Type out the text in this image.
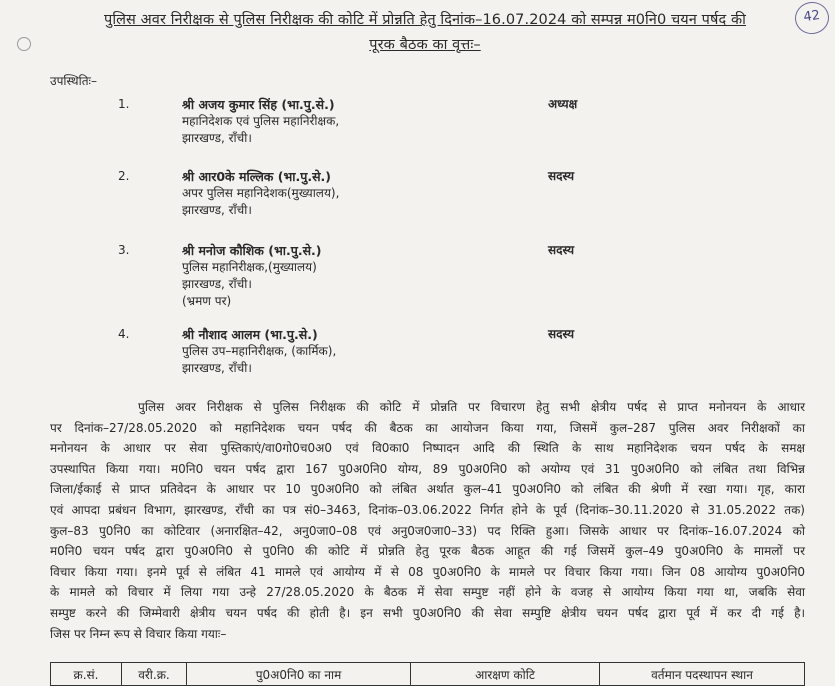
पुलिस अवर निरीक्षक से पुलिस निरीक्षक की कोटि में प्रोन्नति हेतु दिनांक–16.07.2024 को सम्पन्न म0नि0 चयन पर्षद की
पूरक बैठक का वृत्तः–
42
उपस्थितिः–
1.	श्री अजय कुमार सिंह (भा.पु.से.)
महानिदेशक एवं पुलिस महानिरीक्षक,
झारखण्ड, राँची।
अध्यक्ष
2.	श्री आर0के मल्लिक (भा.पु.से.)
अपर पुलिस महानिदेशक(मुख्यालय),
झारखण्ड, राँची।
सदस्य
3.	श्री मनोज कौशिक (भा.पु.से.)
पुलिस महानिरीक्षक,(मुख्यालय)
झारखण्ड, राँची।
(भ्रमण पर)
सदस्य
4.	श्री नौशाद आलम (भा.पु.से.)
पुलिस उप–महानिरीक्षक, (कार्मिक),
झारखण्ड, राँची।
सदस्य
पुलिस अवर निरीक्षक से पुलिस निरीक्षक की कोटि में प्रोन्नति पर विचारण हेतु सभी क्षेत्रीय पर्षद से प्राप्त मनोनयन के आधार
पर दिनांक–27/28.05.2020 को महानिदेशक चयन पर्षद की बैठक का आयोजन किया गया, जिसमें कुल–287 पुलिस अवर निरीक्षकों का
मनोनयन के आधार पर सेवा पुस्तिकाएं/वा0गो0च0अ0 एवं वि0का0 निष्पादन आदि की स्थिति के साथ महानिदेशक चयन पर्षद के समक्ष
उपस्थापित किया गया। म0नि0 चयन पर्षद द्वारा 167 पु0अ0नि0 योग्य, 89 पु0अ0नि0 को अयोग्य एवं 31 पु0अ0नि0 को लंबित तथा विभिन्न
जिला/ईकाई से प्राप्त प्रतिवेदन के आधार पर 10 पु0अ0नि0 को लंबित अर्थात कुल–41 पु0अ0नि0 को लंबित की श्रेणी में रखा गया। गृह, कारा
एवं आपदा प्रबंधन विभाग, झारखण्ड, राँची का पत्र सं0–3463, दिनांक–03.06.2022 निर्गत होने के पूर्व (दिनांक–30.11.2020 से 31.05.2022 तक)
कुल–83 पु0नि0 का कोटिवार (अनारक्षित–42, अनु0जा0–08 एवं अनु0ज0जा0–33) पद रिक्ति हुआ। जिसके आधार पर दिनांक–16.07.2024 को
म0नि0 चयन पर्षद द्वारा पु0अ0नि0 से पु0नि0 की कोटि में प्रोन्नति हेतु पूरक बैठक आहूत की गई जिसमें कुल–49 पु0अ0नि0 के मामलों पर
विचार किया गया। इनमे पूर्व से लंबित 41 मामले एवं आयोग्य में से 08 पु0अ0नि0 के मामले पर विचार किया गया। जिन 08 आयोग्य पु0अ0नि0
के मामले को विचार में लिया गया उन्हे 27/28.05.2020 के बैठक में सेवा सम्पुष्ट नहीं होने के वजह से आयोग्य किया गया था, जबकि सेवा
सम्पुष्ट करने की जिम्मेवारी क्षेत्रीय चयन पर्षद की होती है। इन सभी पु0अ0नि0 की सेवा सम्पुष्टि क्षेत्रीय चयन पर्षद द्वारा पूर्व में कर दी गई है।
जिस पर निम्न रूप से विचार किया गयाः–
क्र.सं.	वरी.क्र.	पु0अ0नि0 का नाम	आरक्षण कोटि	वर्तमान पदस्थापन स्थान
